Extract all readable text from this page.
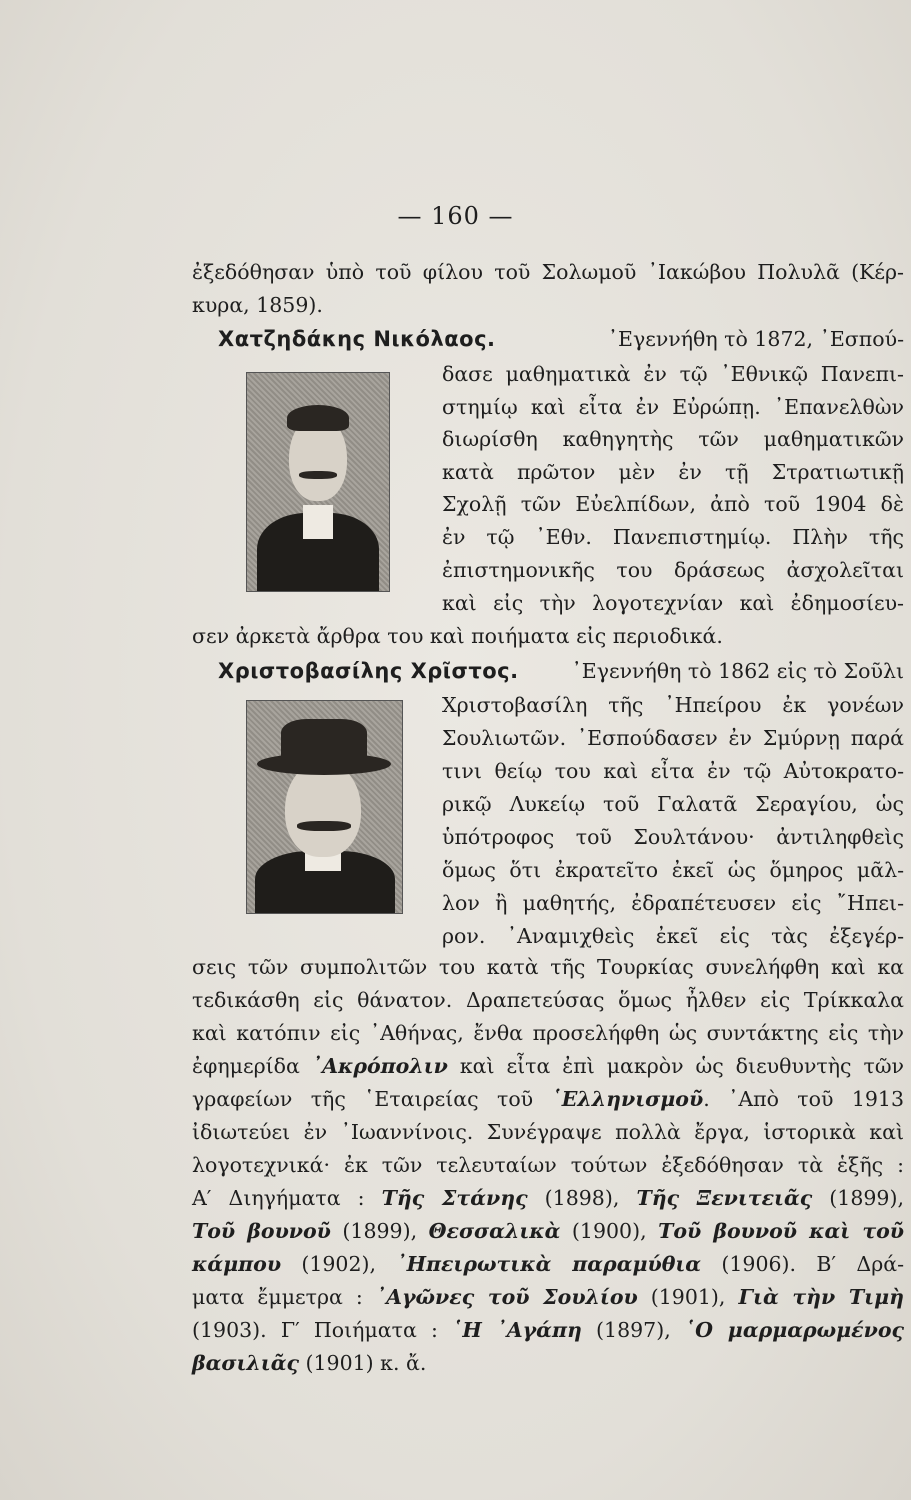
— 160 —
ἐξεδόθησαν ὑπὸ τοῦ φίλου τοῦ Σολωμοῦ ᾽Ιακώβου Πολυλᾶ (Κέρ-
κυρα, 1859).
Χατζηδάκης Νικόλαος.	᾽Εγεννήθη τὸ 1872, ᾽Εσπού-
δασε μαθηματικὰ ἐν τῷ ᾽Εθνικῷ Πανεπι-
στημίῳ καὶ εἶτα ἐν Εὐρώπῃ. ᾽Επανελθὼν
διωρίσθη καθηγητὴς τῶν μαθηματικῶν
κατὰ πρῶτον μὲν ἐν τῇ Στρατιωτικῇ
Σχολῇ τῶν Εὐελπίδων, ἀπὸ τοῦ 1904 δὲ
ἐν τῷ ᾽Εθν. Πανεπιστημίῳ. Πλὴν τῆς
ἐπιστημονικῆς του δράσεως ἀσχολεῖται
καὶ εἰς τὴν λογοτεχνίαν καὶ ἐδημοσίευ-
σεν ἀρκετὰ ἄρθρα του καὶ ποιήματα εἰς περιοδικά.
Χριστοβασίλης Χρῖστος.	᾽Εγεννήθη τὸ 1862 εἰς τὸ Σοῦλι
Χριστοβασίλη τῆς ᾽Ηπείρου ἐκ γονέων
Σουλιωτῶν. ᾽Εσπούδασεν ἐν Σμύρνῃ παρά
τινι θείῳ του καὶ εἶτα ἐν τῷ Αὐτοκρατο-
ρικῷ Λυκείῳ τοῦ Γαλατᾶ Σεραγίου, ὡς
ὑπότροφος τοῦ Σουλτάνου· ἀντιληφθεὶς
ὅμως ὅτι ἐκρατεῖτο ἐκεῖ ὡς ὅμηρος μᾶλ-
λον ἢ μαθητής, ἐδραπέτευσεν εἰς ῎Ηπει-
ρον. ᾽Αναμιχθεὶς ἐκεῖ εἰς τὰς ἐξεγέρ-
σεις τῶν συμπολιτῶν του κατὰ τῆς Τουρκίας συνελήφθη καὶ κα
τεδικάσθη εἰς θάνατον. Δραπετεύσας ὅμως ἦλθεν εἰς Τρίκκαλα
καὶ κατόπιν εἰς ᾽Αθήνας, ἔνθα προσελήφθη ὡς συντάκτης εἰς τὴν
ἐφημερίδα ᾽Ακρόπολιν καὶ εἶτα ἐπὶ μακρὸν ὡς διευθυντὴς τῶν
γραφείων τῆς ῾Εταιρείας τοῦ ῾Ελληνισμοῦ. ᾽Απὸ τοῦ 1913
ἰδιωτεύει ἐν ᾽Ιωαννίνοις. Συνέγραψε πολλὰ ἔργα, ἱστορικὰ καὶ
λογοτεχνικά· ἐκ τῶν τελευταίων τούτων ἐξεδόθησαν τὰ ἑξῆς :
Α′ Διηγήματα : Τῆς Στάνης (1898), Τῆς Ξενιτειᾶς (1899),
Τοῦ βουνοῦ (1899), Θεσσαλικὰ (1900), Τοῦ βουνοῦ καὶ τοῦ
κάμπου (1902), ᾽Ηπειρωτικὰ παραμύθια (1906). Β′ Δρά-
ματα ἔμμετρα : ᾽Αγῶνες τοῦ Σουλίου (1901), Γιὰ τὴν Τιμὴ
(1903). Γ′ Ποιήματα : ῾Η ᾽Αγάπη (1897), ῾Ο μαρμαρωμένος
βασιλιᾶς (1901) κ. ἄ.
